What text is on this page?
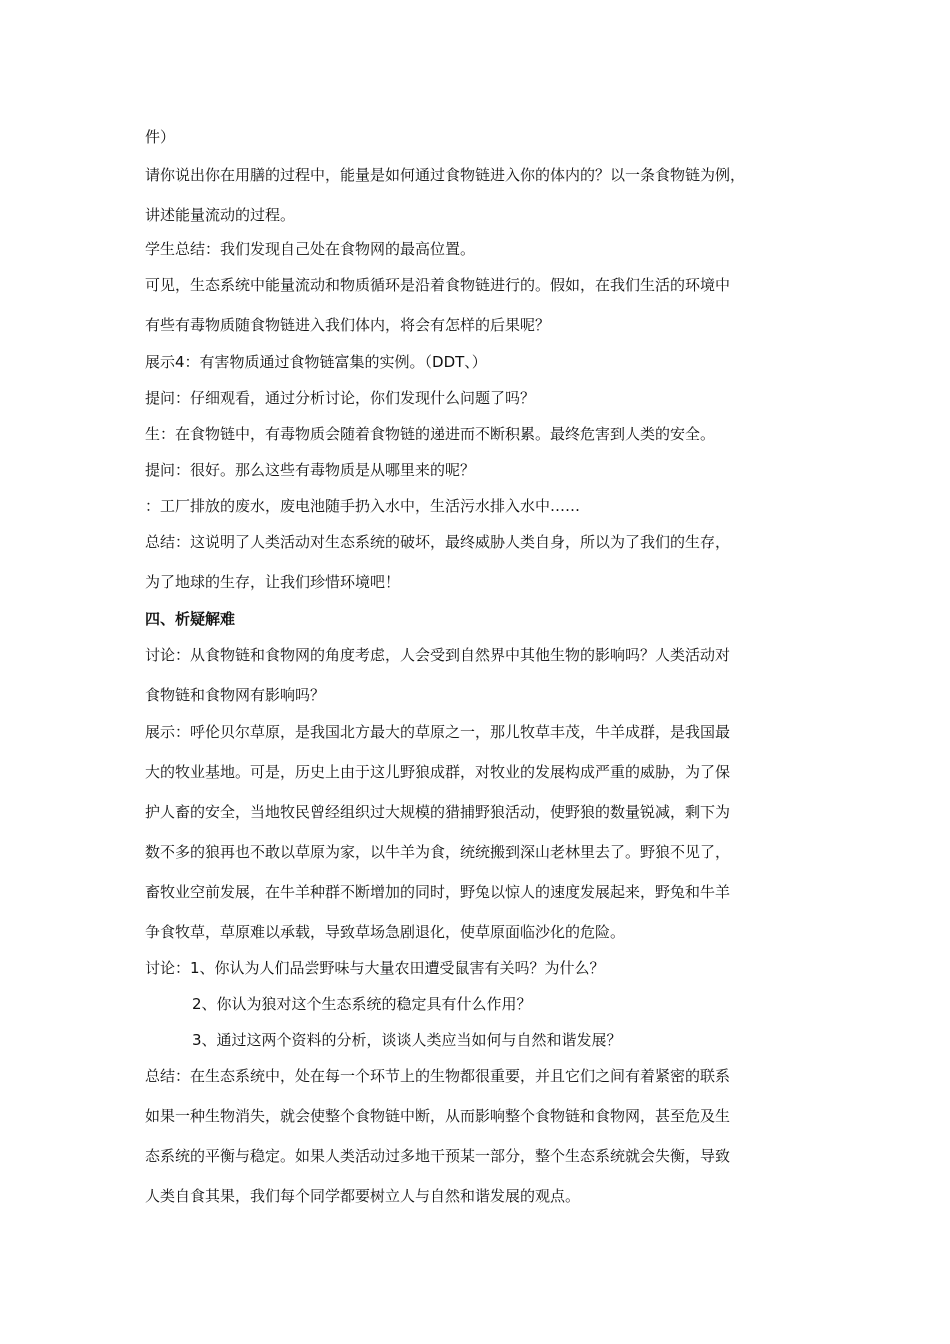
件）
请你说出你在用膳的过程中，能量是如何通过食物链进入你的体内的？以一条食物链为例，
讲述能量流动的过程。
学生总结：我们发现自己处在食物网的最高位置。
可见，生态系统中能量流动和物质循环是沿着食物链进行的。假如，在我们生活的环境中
有些有毒物质随食物链进入我们体内，将会有怎样的后果呢？
展示4：有害物质通过食物链富集的实例。（DDT、）
提问：仔细观看，通过分析讨论，你们发现什么问题了吗？
生：在食物链中，有毒物质会随着食物链的递进而不断积累。最终危害到人类的安全。
提问：很好。那么这些有毒物质是从哪里来的呢？
：工厂排放的废水，废电池随手扔入水中，生活污水排入水中……
总结：这说明了人类活动对生态系统的破坏，最终威胁人类自身，所以为了我们的生存，
为了地球的生存，让我们珍惜环境吧！
四、析疑解难
讨论：从食物链和食物网的角度考虑，人会受到自然界中其他生物的影响吗？人类活动对
食物链和食物网有影响吗？
展示：呼伦贝尔草原，是我国北方最大的草原之一，那儿牧草丰茂，牛羊成群，是我国最
大的牧业基地。可是，历史上由于这儿野狼成群，对牧业的发展构成严重的威胁，为了保
护人畜的安全，当地牧民曾经组织过大规模的猎捕野狼活动，使野狼的数量锐减，剩下为
数不多的狼再也不敢以草原为家，以牛羊为食，统统搬到深山老林里去了。野狼不见了，
畜牧业空前发展，在牛羊种群不断增加的同时，野兔以惊人的速度发展起来，野兔和牛羊
争食牧草，草原难以承载，导致草场急剧退化，使草原面临沙化的危险。
讨论：1、你认为人们品尝野味与大量农田遭受鼠害有关吗？为什么？
2、你认为狼对这个生态系统的稳定具有什么作用？
3、通过这两个资料的分析，谈谈人类应当如何与自然和谐发展？
总结：在生态系统中，处在每一个环节上的生物都很重要，并且它们之间有着紧密的联系
如果一种生物消失，就会使整个食物链中断，从而影响整个食物链和食物网，甚至危及生
态系统的平衡与稳定。如果人类活动过多地干预某一部分，整个生态系统就会失衡，导致
人类自食其果，我们每个同学都要树立人与自然和谐发展的观点。
